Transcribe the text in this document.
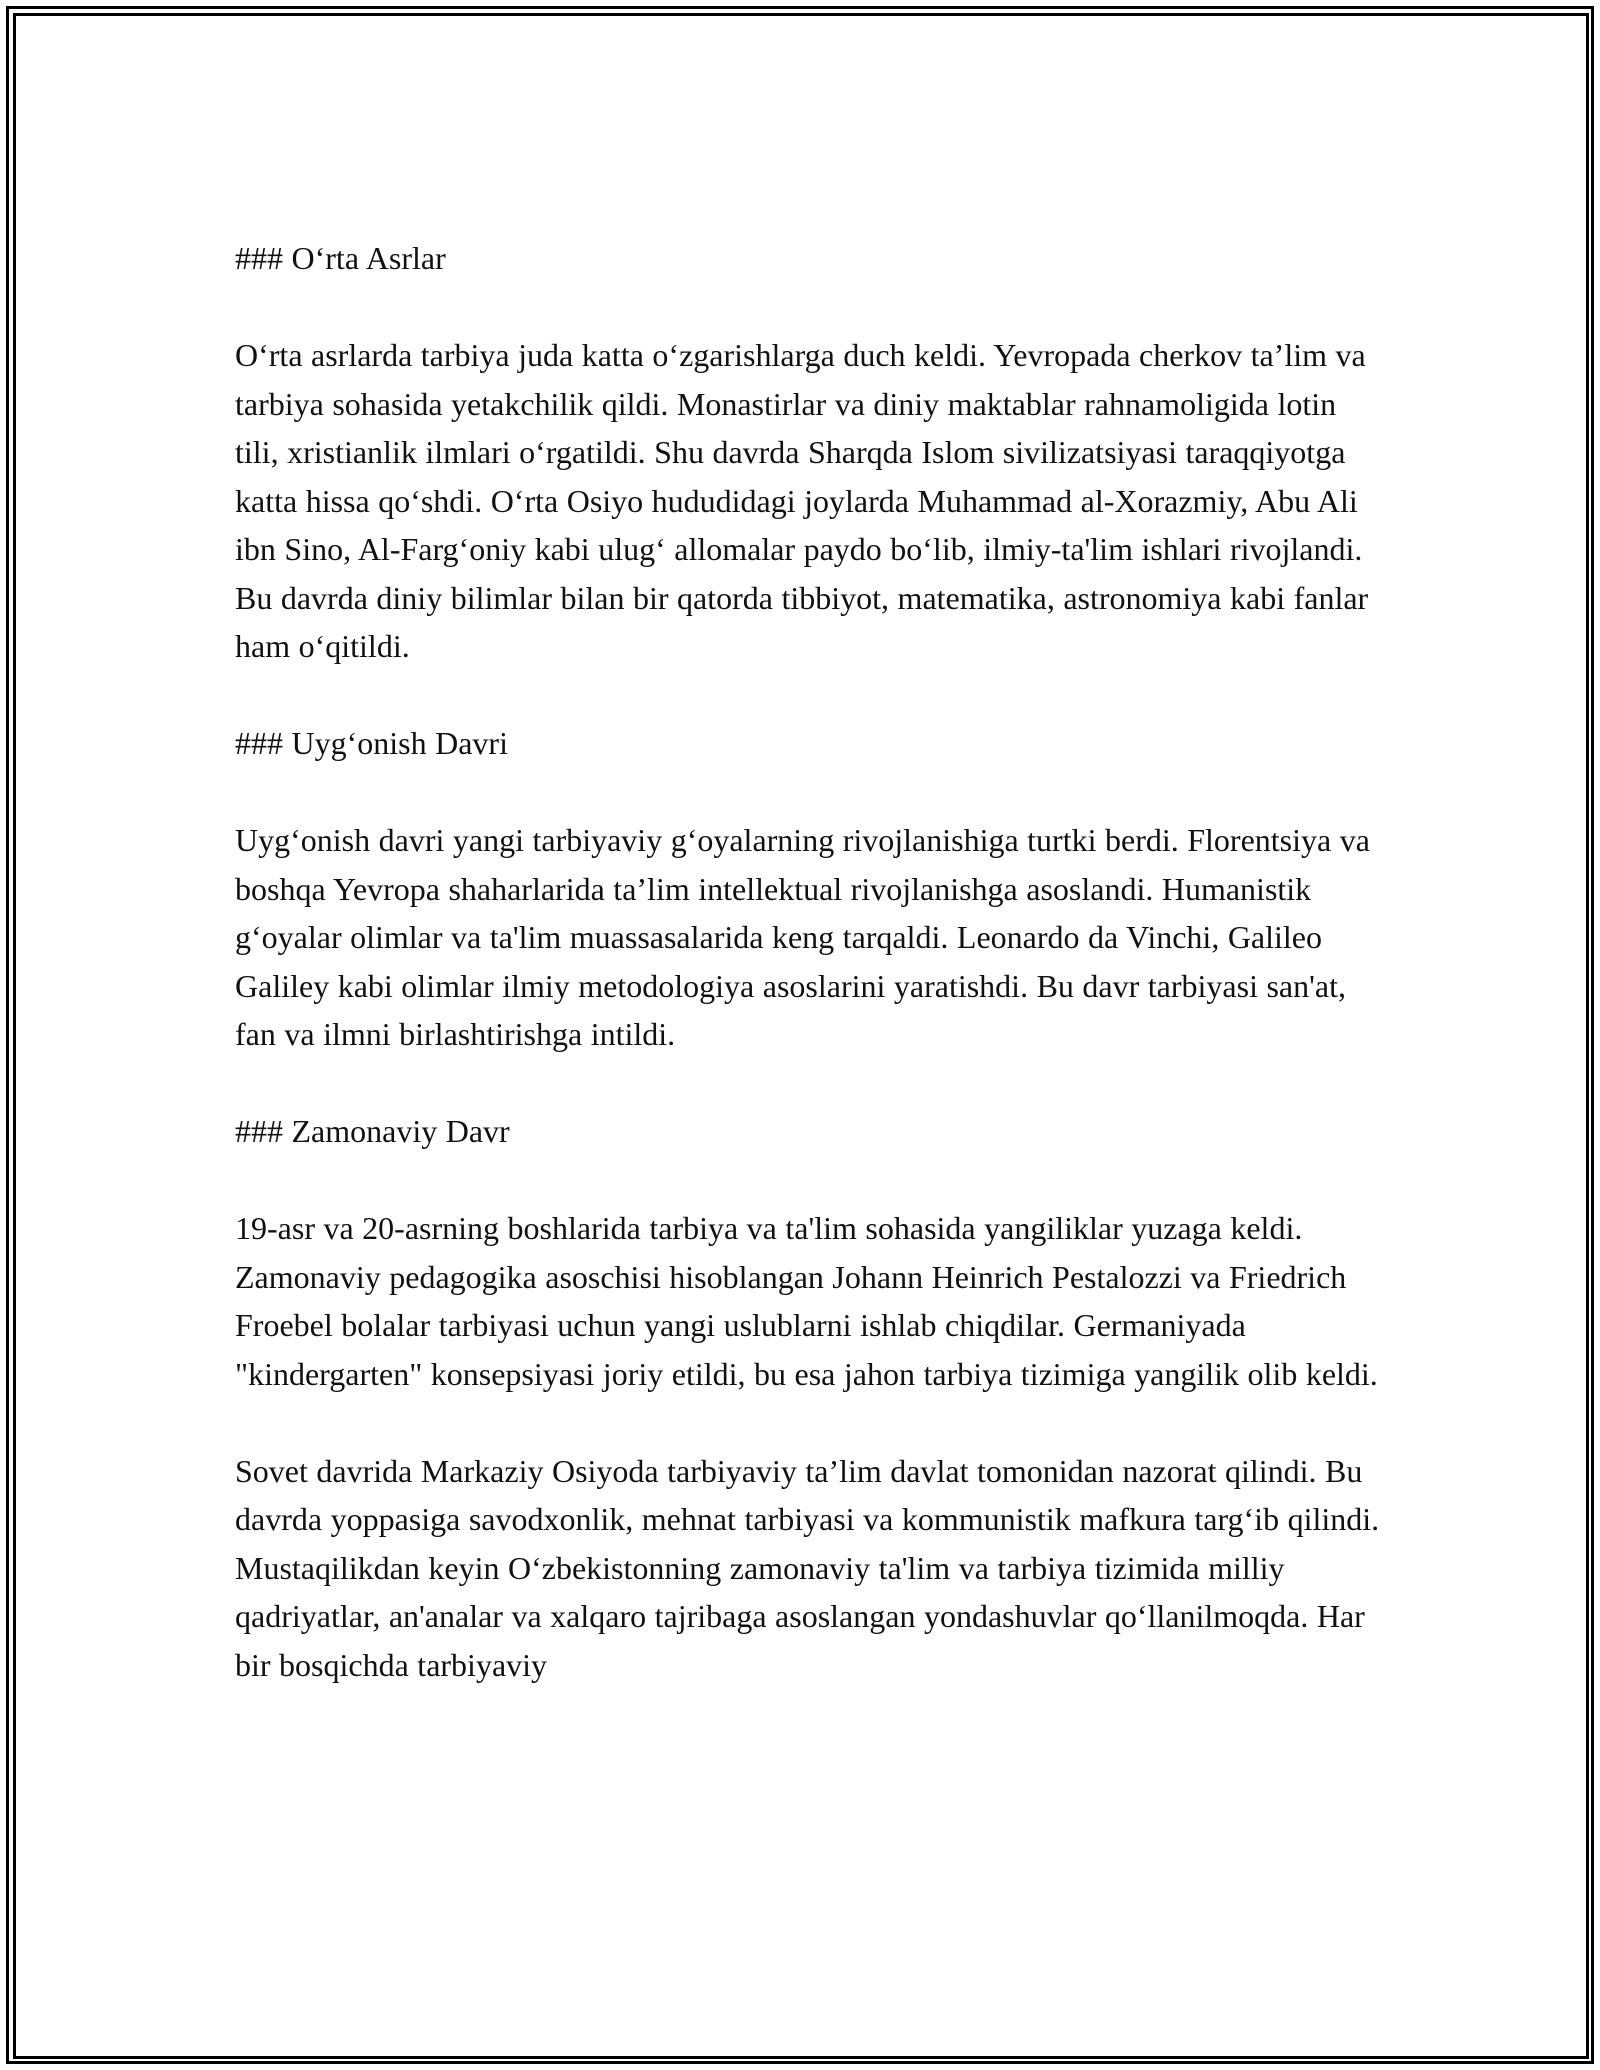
### O‘rta Asrlar

O‘rta asrlarda tarbiya juda katta o‘zgarishlarga duch keldi. Yevropada cherkov ta’lim va tarbiya sohasida yetakchilik qildi. Monastirlar va diniy maktablar rahnamoligida lotin tili, xristianlik ilmlari o‘rgatildi. Shu davrda Sharqda Islom sivilizatsiyasi taraqqiyotga katta hissa qo‘shdi. O‘rta Osiyo hududidagi joylarda Muhammad al-Xorazmiy, Abu Ali ibn Sino, Al-Farg‘oniy kabi ulug‘ allomalar paydo bo‘lib, ilmiy-ta'lim ishlari rivojlandi. Bu davrda diniy bilimlar bilan bir qatorda tibbiyot, matematika, astronomiya kabi fanlar ham o‘qitildi.

### Uyg‘onish Davri

Uyg‘onish davri yangi tarbiyaviy g‘oyalarning rivojlanishiga turtki berdi. Florentsiya va boshqa Yevropa shaharlarida ta’lim intellektual rivojlanishga asoslandi. Humanistik g‘oyalar olimlar va ta'lim muassasalarida keng tarqaldi. Leonardo da Vinchi, Galileo Galiley kabi olimlar ilmiy metodologiya asoslarini yaratishdi. Bu davr tarbiyasi san'at, fan va ilmni birlashtirishga intildi.

### Zamonaviy Davr

19-asr va 20-asrning boshlarida tarbiya va ta'lim sohasida yangiliklar yuzaga keldi. Zamonaviy pedagogika asoschisi hisoblangan Johann Heinrich Pestalozzi va Friedrich Froebel bolalar tarbiyasi uchun yangi uslublarni ishlab chiqdilar. Germaniyada "kindergarten" konsepsiyasi joriy etildi, bu esa jahon tarbiya tizimiga yangilik olib keldi.

Sovet davrida Markaziy Osiyoda tarbiyaviy ta’lim davlat tomonidan nazorat qilindi. Bu davrda yoppasiga savodxonlik, mehnat tarbiyasi va kommunistik mafkura targ‘ib qilindi. Mustaqilikdan keyin O‘zbekistonning zamonaviy ta'lim va tarbiya tizimida milliy qadriyatlar, an'analar va xalqaro tajribaga asoslangan yondashuvlar qo‘llanilmoqda. Har bir bosqichda tarbiyaviy
